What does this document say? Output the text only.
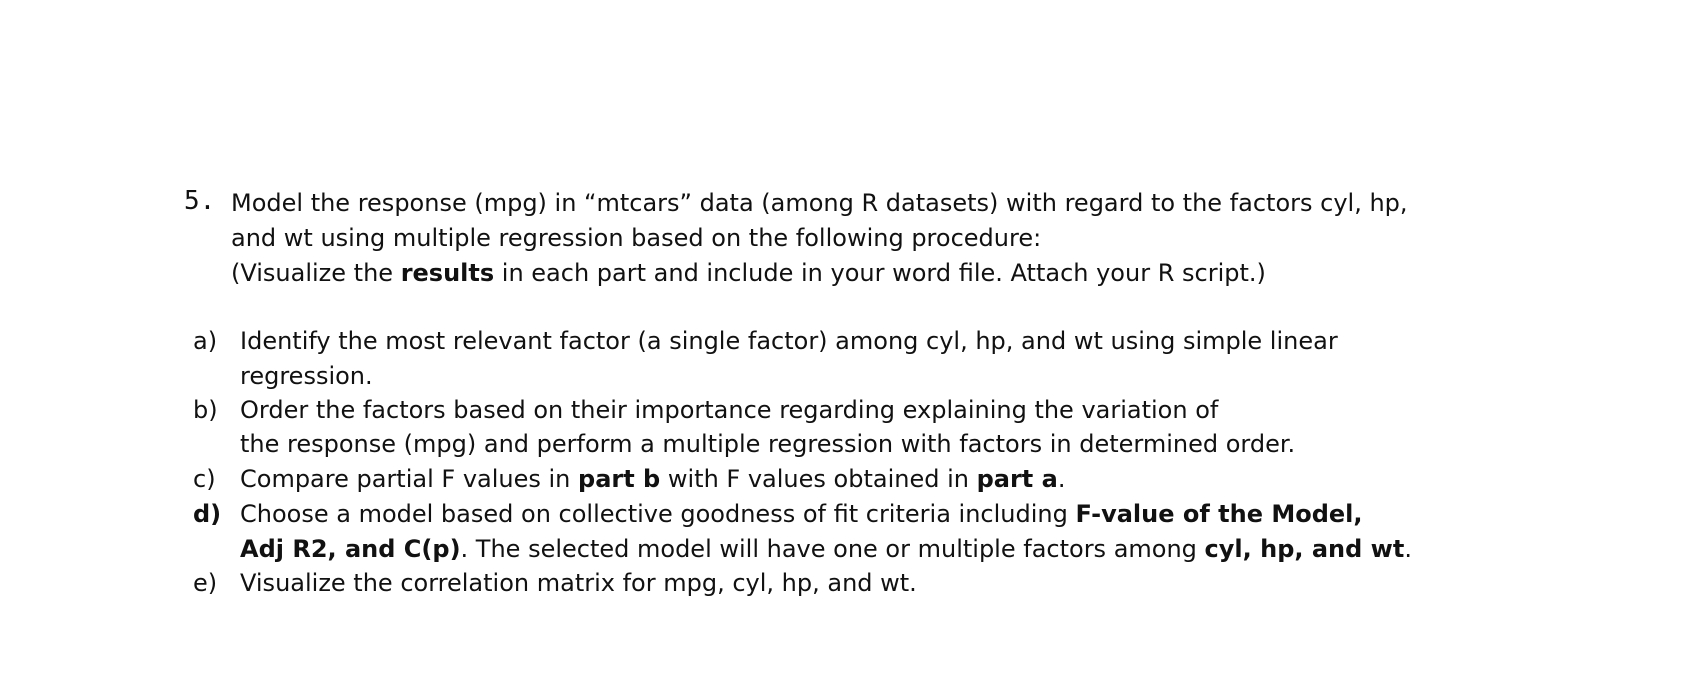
5. Model the response (mpg) in “mtcars” data (among R datasets) with regard to the factors cyl, hp,
and wt using multiple regression based on the following procedure:
(Visualize the results in each part and include in your word file. Attach your R script.)
a) Identify the most relevant factor (a single factor) among cyl, hp, and wt using simple linear
regression.
b) Order the factors based on their importance regarding explaining the variation of
the response (mpg) and perform a multiple regression with factors in determined order.
c) Compare partial F values in part b with F values obtained in part a.
d) Choose a model based on collective goodness of fit criteria including F-value of the Model,
Adj R2, and C(p). The selected model will have one or multiple factors among cyl, hp, and wt.
e) Visualize the correlation matrix for mpg, cyl, hp, and wt.
